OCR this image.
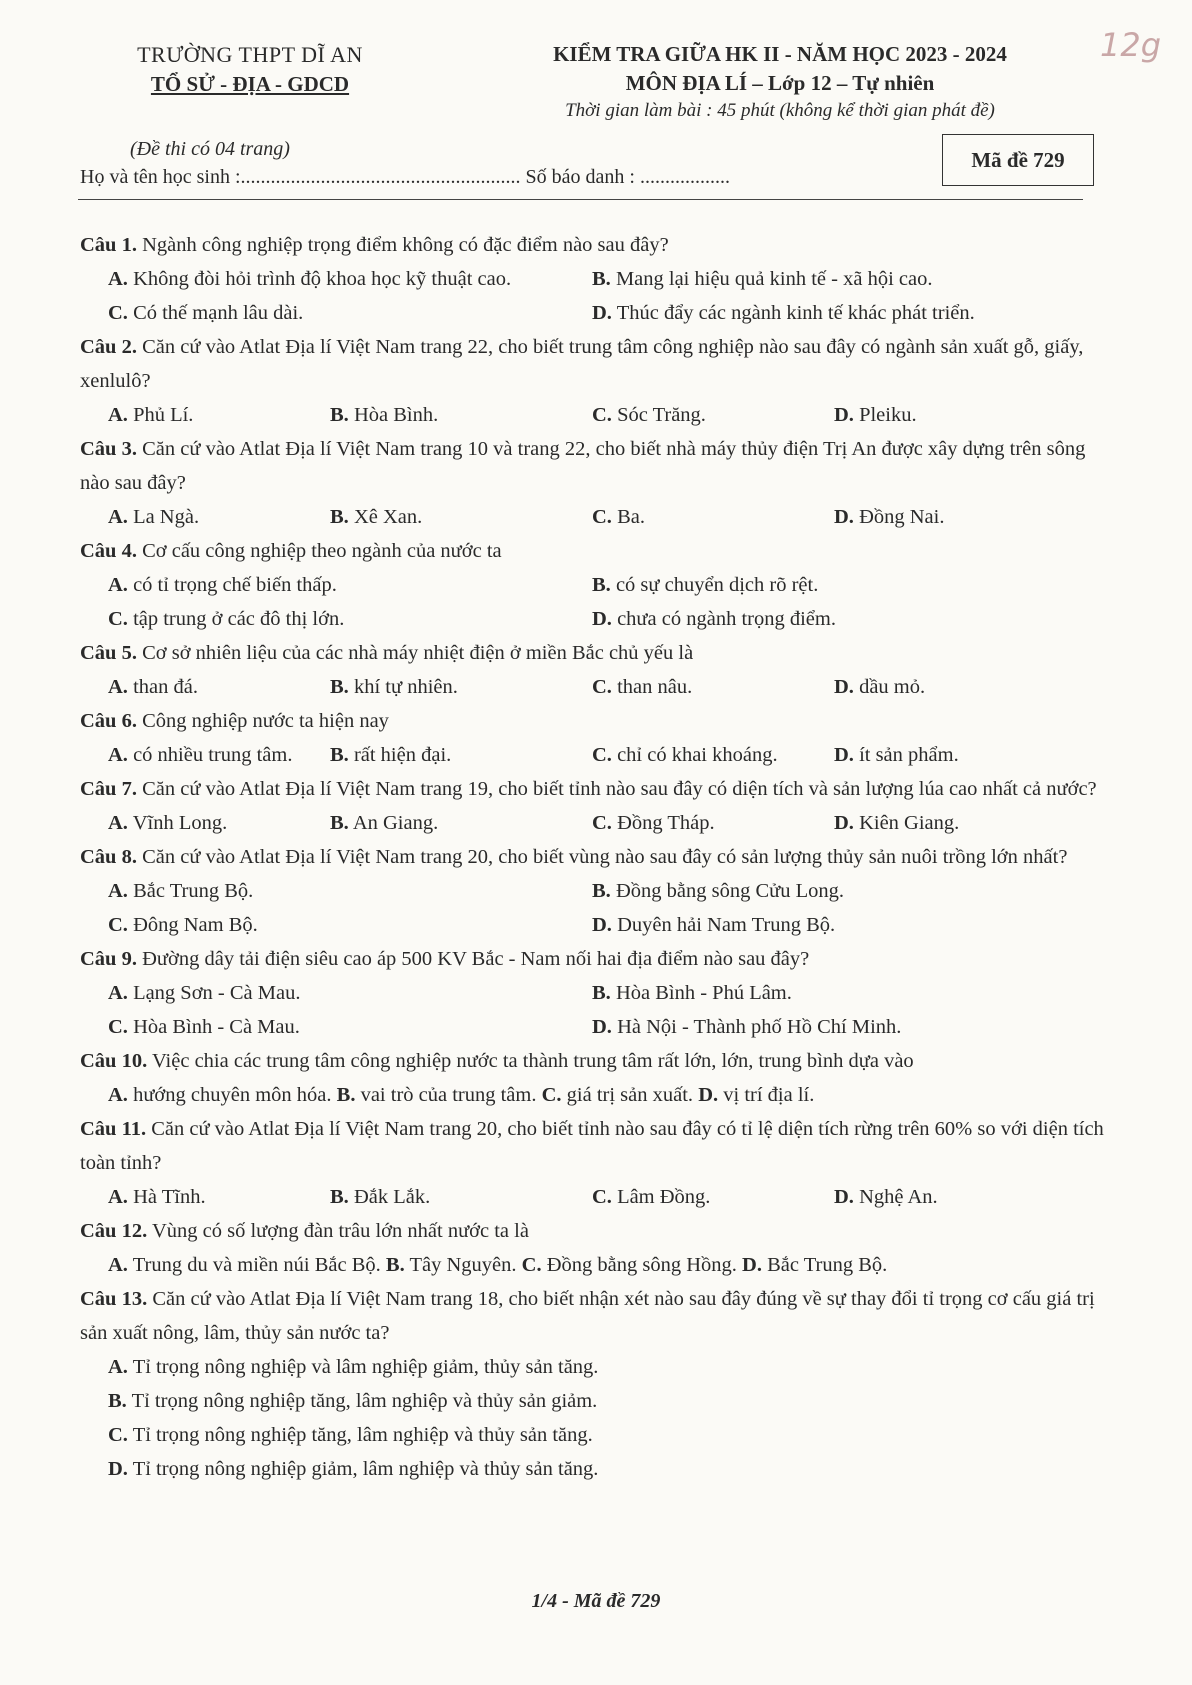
TRƯỜNG THPT DĨ AN
TỔ SỬ - ĐỊA - GDCD
KIỂM TRA GIỮA HK II - NĂM HỌC 2023 - 2024
MÔN ĐỊA LÍ – Lớp 12 – Tự nhiên
Thời gian làm bài : 45 phút (không kể thời gian phát đề)
12g
(Đề thi có 04 trang)
Họ và tên học sinh :........................................................ Số báo danh : ..................
Mã đề 729

Câu 1. Ngành công nghiệp trọng điểm không có đặc điểm nào sau đây?

A. Không đòi hỏi trình độ khoa học kỹ thuật cao.	B. Mang lại hiệu quả kinh tế - xã hội cao.
C. Có thế mạnh lâu dài.	D. Thúc đẩy các ngành kinh tế khác phát triển.

Câu 2. Căn cứ vào Atlat Địa lí Việt Nam trang 22, cho biết trung tâm công nghiệp nào sau đây có ngành sản xuất gỗ, giấy, xenlulô?

A. Phủ Lí.	B. Hòa Bình.	C. Sóc Trăng.	D. Pleiku.

Câu 3. Căn cứ vào Atlat Địa lí Việt Nam trang 10 và trang 22, cho biết nhà máy thủy điện Trị An được xây dựng trên sông nào sau đây?

A. La Ngà.	B. Xê Xan.	C. Ba.	D. Đồng Nai.

Câu 4. Cơ cấu công nghiệp theo ngành của nước ta

A. có tỉ trọng chế biến thấp.	B. có sự chuyển dịch rõ rệt.
C. tập trung ở các đô thị lớn.	D. chưa có ngành trọng điểm.

Câu 5. Cơ sở nhiên liệu của các nhà máy nhiệt điện ở miền Bắc chủ yếu là

A. than đá.	B. khí tự nhiên.	C. than nâu.	D. dầu mỏ.

Câu 6. Công nghiệp nước ta hiện nay

A. có nhiều trung tâm.	B. rất hiện đại.	C. chỉ có khai khoáng.	D. ít sản phẩm.

Câu 7. Căn cứ vào Atlat Địa lí Việt Nam trang 19, cho biết tỉnh nào sau đây có diện tích và sản lượng lúa cao nhất cả nước?

A. Vĩnh Long.	B. An Giang.	C. Đồng Tháp.	D. Kiên Giang.

Câu 8. Căn cứ vào Atlat Địa lí Việt Nam trang 20, cho biết vùng nào sau đây có sản lượng thủy sản nuôi trồng lớn nhất?

A. Bắc Trung Bộ.	B. Đồng bằng sông Cửu Long.
C. Đông Nam Bộ.	D. Duyên hải Nam Trung Bộ.

Câu 9. Đường dây tải điện siêu cao áp 500 KV Bắc - Nam nối hai địa điểm nào sau đây?

A. Lạng Sơn - Cà Mau.	B. Hòa Bình - Phú Lâm.
C. Hòa Bình - Cà Mau.	D. Hà Nội - Thành phố Hồ Chí Minh.

Câu 10. Việc chia các trung tâm công nghiệp nước ta thành trung tâm rất lớn, lớn, trung bình dựa vào

A. hướng chuyên môn hóa. B. vai trò của trung tâm. C. giá trị sản xuất. D. vị trí địa lí.

Câu 11. Căn cứ vào Atlat Địa lí Việt Nam trang 20, cho biết tỉnh nào sau đây có tỉ lệ diện tích rừng trên 60% so với diện tích toàn tỉnh?

A. Hà Tĩnh.	B. Đắk Lắk.	C. Lâm Đồng.	D. Nghệ An.

Câu 12. Vùng có số lượng đàn trâu lớn nhất nước ta là

A. Trung du và miền núi Bắc Bộ. B. Tây Nguyên. C. Đồng bằng sông Hồng. D. Bắc Trung Bộ.

Câu 13. Căn cứ vào Atlat Địa lí Việt Nam trang 18, cho biết nhận xét nào sau đây đúng về sự thay đổi tỉ trọng cơ cấu giá trị sản xuất nông, lâm, thủy sản nước ta?

A. Tỉ trọng nông nghiệp và lâm nghiệp giảm, thủy sản tăng.
B. Tỉ trọng nông nghiệp tăng, lâm nghiệp và thủy sản giảm.
C. Tỉ trọng nông nghiệp tăng, lâm nghiệp và thủy sản tăng.
D. Tỉ trọng nông nghiệp giảm, lâm nghiệp và thủy sản tăng.
1/4 - Mã đề 729
